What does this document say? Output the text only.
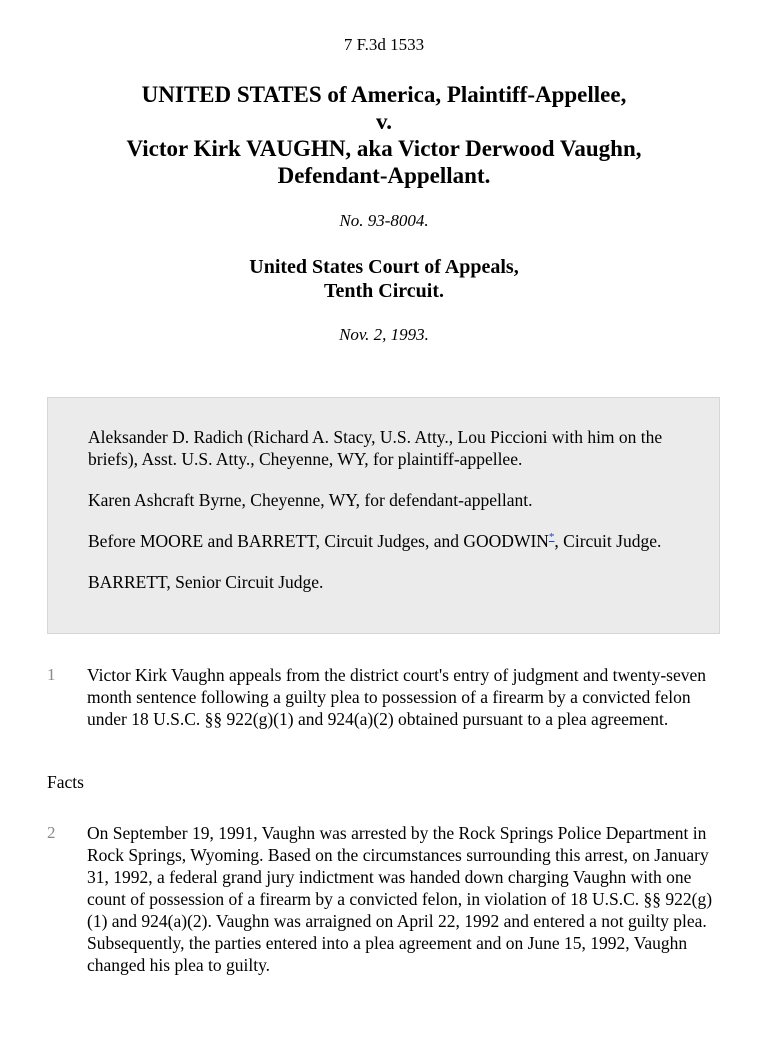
7 F.3d 1533
UNITED STATES of America, Plaintiff-Appellee,
v.
Victor Kirk VAUGHN, aka Victor Derwood Vaughn,
Defendant-Appellant.
No. 93-8004.
United States Court of Appeals,
Tenth Circuit.
Nov. 2, 1993.

Aleksander D. Radich (Richard A. Stacy, U.S. Atty., Lou Piccioni with him on the briefs), Asst. U.S. Atty., Cheyenne, WY, for plaintiff-appellee.

Karen Ashcraft Byrne, Cheyenne, WY, for defendant-appellant.

Before MOORE and BARRETT, Circuit Judges, and GOODWIN*, Circuit Judge.

BARRETT, Senior Circuit Judge.

1 Victor Kirk Vaughn appeals from the district court's entry of judgment and twenty-seven month sentence following a guilty plea to possession of a firearm by a convicted felon under 18 U.S.C. §§ 922(g)(1) and 924(a)(2) obtained pursuant to a plea agreement.
Facts
2 On September 19, 1991, Vaughn was arrested by the Rock Springs Police Department in Rock Springs, Wyoming. Based on the circumstances surrounding this arrest, on January 31, 1992, a federal grand jury indictment was handed down charging Vaughn with one count of possession of a firearm by a convicted felon, in violation of 18 U.S.C. §§ 922(g)(1) and 924(a)(2). Vaughn was arraigned on April 22, 1992 and entered a not guilty plea. Subsequently, the parties entered into a plea agreement and on June 15, 1992, Vaughn changed his plea to guilty.
